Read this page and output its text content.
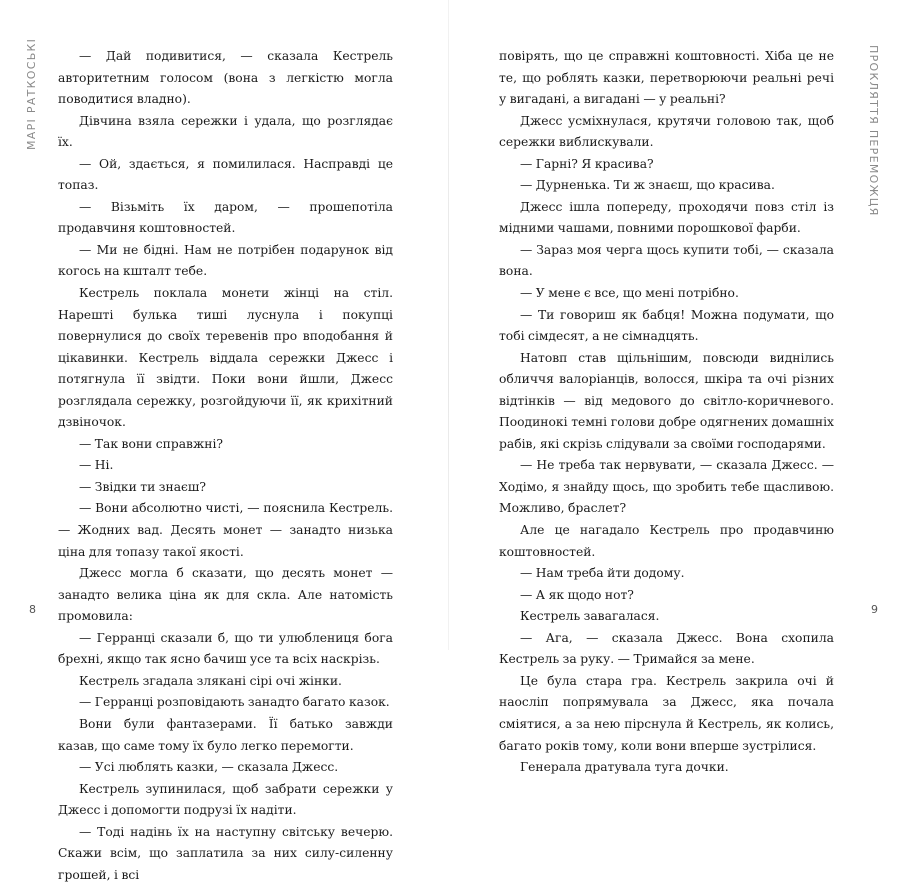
МАРІ РАТКОСЬКІ	— Дай подивитися, — сказала Кестрель авторитетним голосом (вона з легкістю могла поводитися владно).

Дівчина взяла сережки і удала, що розглядає їх.

— Ой, здається, я помилилася. Насправді це топаз.

— Візьміть їх даром, — прошепотіла продавчиня коштовностей.

— Ми не бідні. Нам не потрібен подарунок від когось на кшталт тебе.

Кестрель поклала монети жінці на стіл. Нарешті булька тиші луснула і покупці повернулися до своїх теревенів про вподобання й цікавинки. Кестрель віддала сережки Джесс і потягнула її звідти. Поки вони йшли, Джесс розглядала сережку, розгойдуючи її, як крихітний дзвіночок.

— Так вони справжні?

— Ні.

— Звідки ти знаєш?

— Вони абсолютно чисті, — пояснила Кестрель. — Жодних вад. Десять монет — занадто низька ціна для топазу такої якості.

Джесс могла б сказати, що десять монет — занадто велика ціна як для скла. Але натомість промовила:

— Герранці сказали б, що ти улюблениця бога брехні, якщо так ясно бачиш усе та всіх наскрізь.

Кестрель згадала злякані сірі очі жінки.

— Герранці розповідають занадто багато казок.

Вони були фантазерами. Її батько завжди казав, що саме тому їх було легко перемогти.

— Усі люблять казки, — сказала Джесс.

Кестрель зупинилася, щоб забрати сережки у Джесс і допомогти подрузі їх надіти.

— Тоді надінь їх на наступну світську вечерю. Скажи всім, що заплатила за них силу-силенну грошей, і всі

8

повірять, що це справжні коштовності. Хіба це не те, що роблять казки, перетворюючи реальні речі у вигадані, а вигадані — у реальні?

Джесс усміхнулася, крутячи головою так, щоб сережки виблискували.

— Гарні? Я красива?

— Дурненька. Ти ж знаєш, що красива.

Джесс ішла попереду, проходячи повз стіл із мідними чашами, повними порошкової фарби.

— Зараз моя черга щось купити тобі, — сказала вона.

— У мене є все, що мені потрібно.

— Ти говориш як бабця! Можна подумати, що тобі сімдесят, а не сімнадцять.

Натовп став щільнішим, повсюди виднілись обличчя валоріанців, волосся, шкіра та очі різних відтінків — від медового до світло-коричневого. Поодинокі темні голови добре одягнених домашніх рабів, які скрізь слідували за своїми господарями.

— Не треба так нервувати, — сказала Джесс. — Ходімо, я знайду щось, що зробить тебе щасливою. Можливо, браслет?

Але це нагадало Кестрель про продавчиню коштовностей.

— Нам треба йти додому.

— А як щодо нот?

Кестрель завагалася.

— Ага, — сказала Джесс. Вона схопила Кестрель за руку. — Тримайся за мене.

Це була стара гра. Кестрель закрила очі й наосліп попрямувала за Джесс, яка почала сміятися, а за нею пірснула й Кестрель, як колись, багато років тому, коли вони вперше зустрілися.

Генерала дратувала туга дочки.

ПРОКЛЯТТЯ ПЕРЕМОЖЦЯ
9
